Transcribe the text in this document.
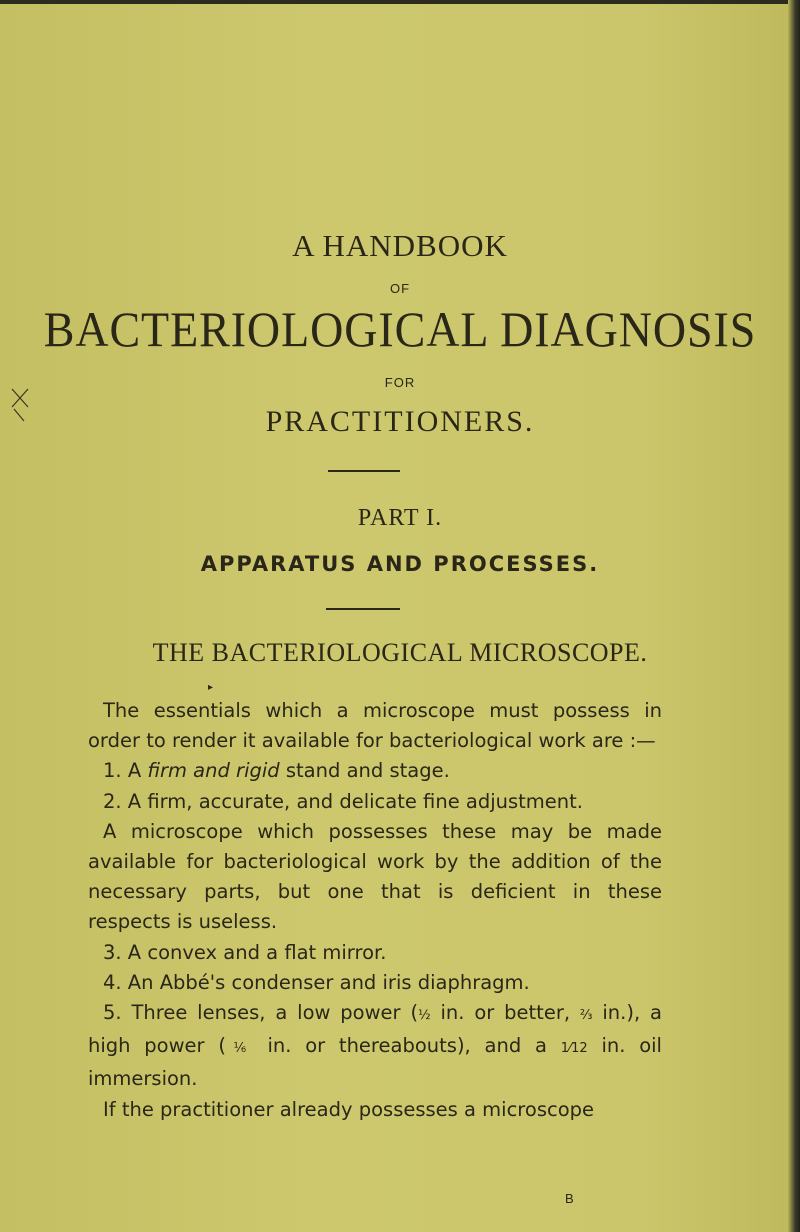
A HANDBOOK
OF
BACTERIOLOGICAL DIAGNOSIS
FOR
PRACTITIONERS.
PART I.
APPARATUS AND PROCESSES.
THE BACTERIOLOGICAL MICROSCOPE.
▸

The essentials which a microscope must possess in order to render it available for bacteriological work are :—

1. A firm and rigid stand and stage.

2. A firm, accurate, and delicate fine adjustment.

A microscope which possesses these may be made available for bacteriological work by the addition of the necessary parts, but one that is deficient in these respects is useless.

3. A convex and a flat mirror.

4. An Abbé's condenser and iris diaphragm.

5. Three lenses, a low power (½ in. or better, ⅔ in.), a high power (⅙ in. or thereabouts), and a 1⁄12 in. oil immersion.

If the practitioner already possesses a microscope

B
